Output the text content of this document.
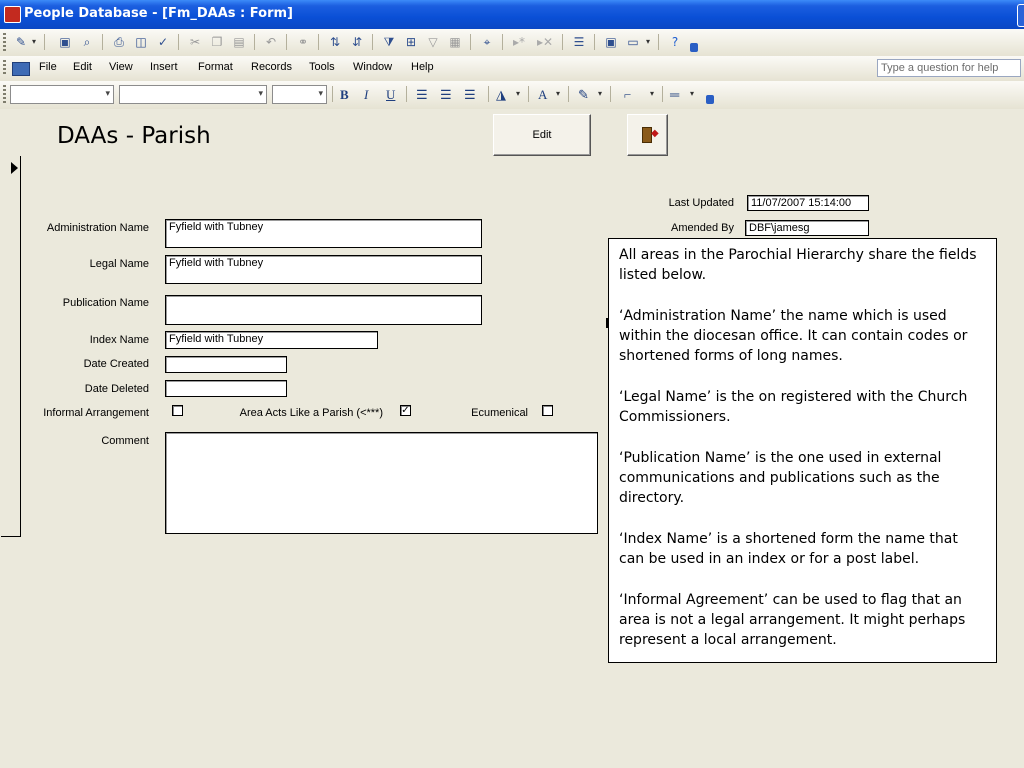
People Database - [Fm_DAAs : Form]
✎ ▾ ▣	⌕	⎙ ◫ ✓	✂ ❐ ▤	↶	⚭	⇅ ⇵	⧩ ⊞	▽ ▦	⌖	▸* ▸✕	☰	▣ ▭ ▾	?
File Edit View Insert Format Records Tools Window Help	Type a question for help
▾
▾
▾
B I U ☰ ☰ ☰ ◮ ▾ A ▾ ✎ ▾ ⌐ ▾ ═ ▾
DAAs - Parish	Edit	◆
Last Updated	11/07/2007 15:14:00
Amended By	DBF\jamesg
Administration Name	Fyfield with Tubney
Legal Name	Fyfield with Tubney
Publication Name
Index Name	Fyfield with Tubney
Date Created
Date Deleted
Informal Arrangement	Area Acts Like a Parish (<***) ✓	Ecumenical
Comment

All areas in the Parochial Hierarchy share the fields listed below.

‘Administration Name’ the name which is used within the diocesan office. It can contain codes or shortened forms of long names.

‘Legal Name’ is the on registered with the Church Commissioners.

‘Publication Name’ is the one used in external communications and publications such as the directory.

‘Index Name’ is a shortened form the name that can be used in an index or for a post label.

‘Informal Agreement’ can be used to flag that an area is not a legal arrangement. It might perhaps represent a local arrangement.
